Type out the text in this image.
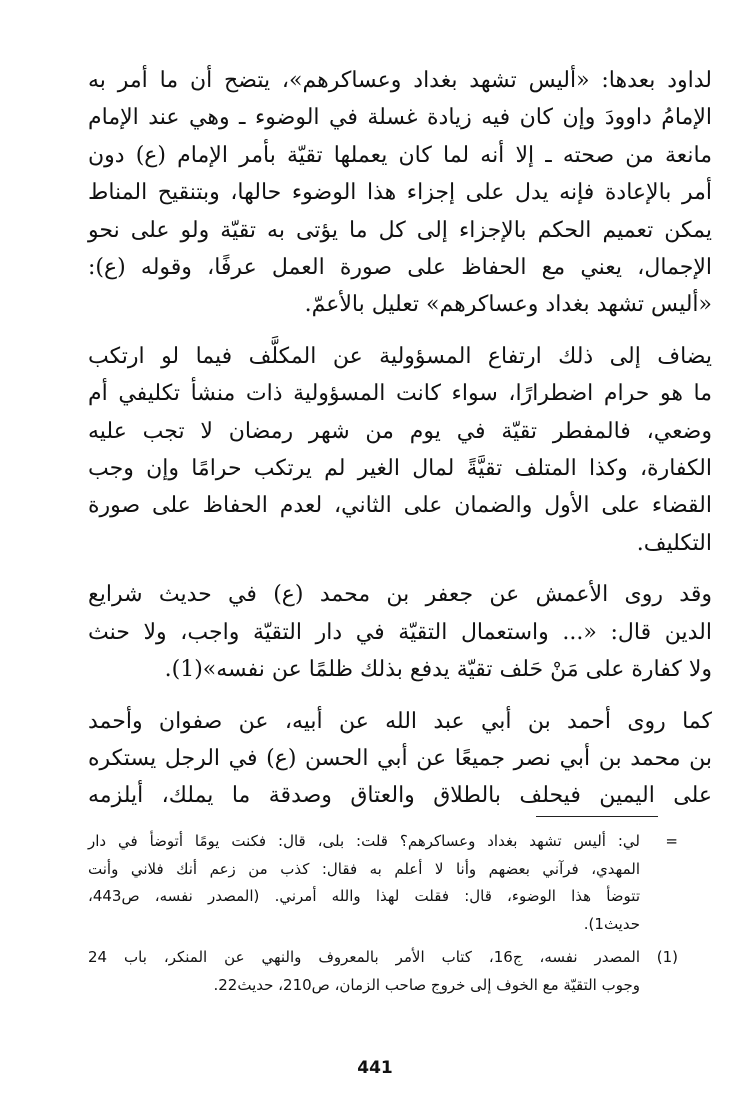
لداود بعدها: «أليس تشهد بغداد وعساكرهم»، يتضح أن ما أمر به
الإمامُ داوودَ وإن كان فيه زيادة غسلة في الوضوء ـ وهي عند الإمام
مانعة من صحته ـ إلا أنه لما كان يعملها تقيّة بأمر الإمام (ع) دون
أمر بالإعادة فإنه يدل على إجزاء هذا الوضوء حالها، وبتنقيح المناط
يمكن تعميم الحكم بالإجزاء إلى كل ما يؤتى به تقيّة ولو على نحو
الإجمال، يعني مع الحفاظ على صورة العمل عرفًا، وقوله (ع):
«أليس تشهد بغداد وعساكرهم» تعليل بالأعمّ.

يضاف إلى ذلك ارتفاع المسؤولية عن المكلَّف فيما لو ارتكب
ما هو حرام اضطرارًا، سواء كانت المسؤولية ذات منشأ تكليفي أم
وضعي، فالمفطر تقيّة في يوم من شهر رمضان لا تجب عليه
الكفارة، وكذا المتلف تقيَّةً لمال الغير لم يرتكب حرامًا وإن وجب
القضاء على الأول والضمان على الثاني، لعدم الحفاظ على صورة
التكليف.

وقد روى الأعمش عن جعفر بن محمد (ع) في حديث شرايع
الدين قال: «... واستعمال التقيّة في دار التقيّة واجب، ولا حنث
ولا كفارة على مَنْ حَلف تقيّة يدفع بذلك ظلمًا عن نفسه»(1).

كما روى أحمد بن أبي عبد الله عن أبيه، عن صفوان وأحمد
بن محمد بن أبي نصر جميعًا عن أبي الحسن (ع) في الرجل يستكره
على اليمين فيحلف بالطلاق والعتاق وصدقة ما يملك، أيلزمه

=
لي: أليس تشهد بغداد وعساكرهم؟ قلت: بلى، قال: فكنت يومًا أتوضأ في دار
المهدي، فرآني بعضهم وأنا لا أعلم به فقال: كذب من زعم أنك فلاني وأنت
تتوضأ هذا الوضوء، قال: فقلت لهذا والله أمرني. (المصدر نفسه، ص443،
حديث1).
(1)
المصدر نفسه، ج16، كتاب الأمر بالمعروف والنهي عن المنكر، باب 24
وجوب التقيّة مع الخوف إلى خروج صاحب الزمان، ص210، حديث22.
441
